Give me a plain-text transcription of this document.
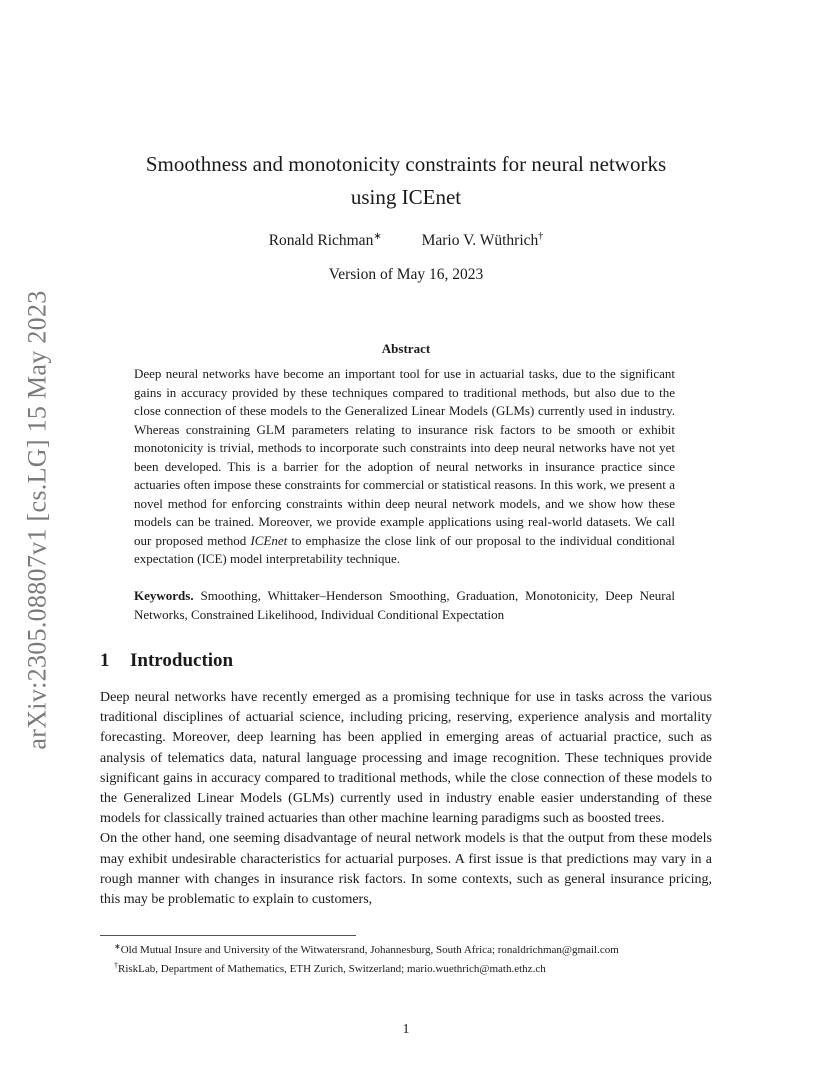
arXiv:2305.08807v1 [cs.LG] 15 May 2023
Smoothness and monotonicity constraints for neural networks
using ICEnet
Ronald Richman∗	Mario V. Wüthrich†
Version of May 16, 2023
Abstract
Deep neural networks have become an important tool for use in actuarial tasks, due to the significant gains in accuracy provided by these techniques compared to traditional methods, but also due to the close connection of these models to the Generalized Linear Models (GLMs) currently used in industry. Whereas constraining GLM parameters relating to insurance risk factors to be smooth or exhibit monotonicity is trivial, methods to incorporate such constraints into deep neural networks have not yet been developed. This is a barrier for the adoption of neural networks in insurance practice since actuaries often impose these constraints for commercial or statistical reasons. In this work, we present a novel method for enforcing constraints within deep neural network models, and we show how these models can be trained. Moreover, we provide example applications using real-world datasets. We call our proposed method ICEnet to emphasize the close link of our proposal to the individual conditional expectation (ICE) model interpretability technique.
Keywords. Smoothing, Whittaker–Henderson Smoothing, Graduation, Monotonicity, Deep Neural Networks, Constrained Likelihood, Individual Conditional Expectation
1 Introduction

Deep neural networks have recently emerged as a promising technique for use in tasks across the various traditional disciplines of actuarial science, including pricing, reserving, experience analysis and mortality forecasting. Moreover, deep learning has been applied in emerging areas of actuarial practice, such as analysis of telematics data, natural language processing and image recognition. These techniques provide significant gains in accuracy compared to traditional methods, while the close connection of these models to the Generalized Linear Models (GLMs) currently used in industry enable easier understanding of these models for classically trained actuaries than other machine learning paradigms such as boosted trees.

On the other hand, one seeming disadvantage of neural network models is that the output from these models may exhibit undesirable characteristics for actuarial purposes. A first issue is that predictions may vary in a rough manner with changes in insurance risk factors. In some contexts, such as general insurance pricing, this may be problematic to explain to customers,

∗Old Mutual Insure and University of the Witwatersrand, Johannesburg, South Africa; ronaldrichman@gmail.com

†RiskLab, Department of Mathematics, ETH Zurich, Switzerland; mario.wuethrich@math.ethz.ch

1
